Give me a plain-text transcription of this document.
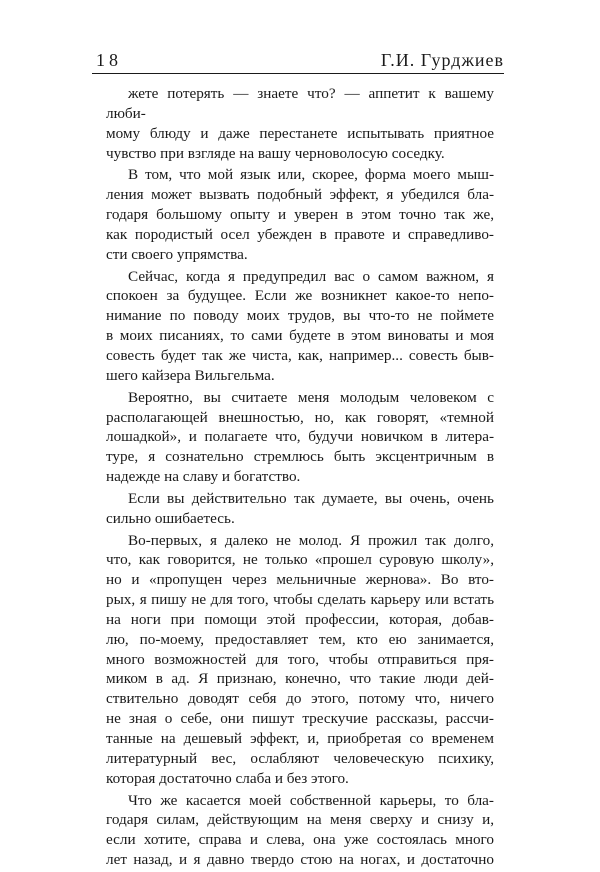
18	Г.И. Гурджиев

жете потерять — знаете что? — аппетит к вашему люби-

мому блюду и даже перестанете испытывать приятное

чувство при взгляде на вашу черноволосую соседку.

В том, что мой язык или, скорее, форма моего мыш-

ления может вызвать подобный эффект, я убедился бла-

годаря большому опыту и уверен в этом точно так же,

как породистый осел убежден в правоте и справедливо-

сти своего упрямства.

Сейчас, когда я предупредил вас о самом важном, я

спокоен за будущее. Если же возникнет какое-то непо-

нимание по поводу моих трудов, вы что-то не поймете

в моих писаниях, то сами будете в этом виноваты и моя

совесть будет так же чиста, как, например... совесть быв-

шего кайзера Вильгельма.

Вероятно, вы считаете меня молодым человеком с

располагающей внешностью, но, как говорят, «темной

лошадкой», и полагаете что, будучи новичком в литера-

туре, я сознательно стремлюсь быть эксцентричным в

надежде на славу и богатство.

Если вы действительно так думаете, вы очень, очень

сильно ошибаетесь.

Во-первых, я далеко не молод. Я прожил так долго,

что, как говорится, не только «прошел суровую школу»,

но и «пропущен через мельничные жернова». Во вто-

рых, я пишу не для того, чтобы сделать карьеру или встать

на ноги при помощи этой профессии, которая, добав-

лю, по-моему, предоставляет тем, кто ею занимается,

много возможностей для того, чтобы отправиться пря-

миком в ад. Я признаю, конечно, что такие люди дей-

ствительно доводят себя до этого, потому что, ничего

не зная о себе, они пишут трескучие рассказы, рассчи-

танные на дешевый эффект, и, приобретая со временем

литературный вес, ослабляют человеческую психику,

которая достаточно слаба и без этого.

Что же касается моей собственной карьеры, то бла-

годаря силам, действующим на меня сверху и снизу и,

если хотите, справа и слева, она уже состоялась много

лет назад, и я давно твердо стою на ногах, и достаточно
